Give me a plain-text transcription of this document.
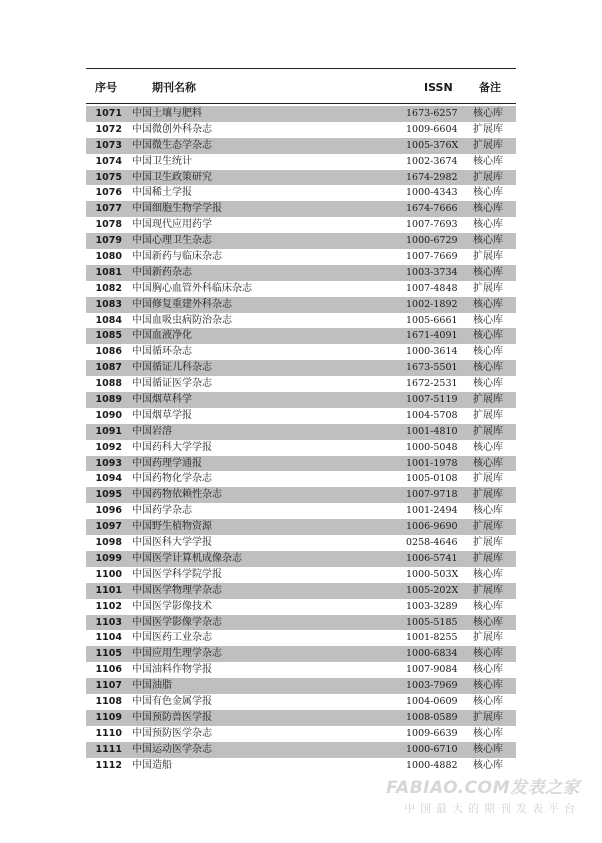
序号	期刊名称	ISSN 备注
1071 中国土壤与肥料	1673-6257 核心库
1072 中国微创外科杂志	1009-6604 扩展库
1073 中国微生态学杂志	1005-376X 扩展库
1074 中国卫生统计	1002-3674 核心库
1075 中国卫生政策研究	1674-2982 扩展库
1076 中国稀土学报	1000-4343 核心库
1077 中国细胞生物学学报	1674-7666 核心库
1078 中国现代应用药学	1007-7693 核心库
1079 中国心理卫生杂志	1000-6729 核心库
1080 中国新药与临床杂志	1007-7669 扩展库
1081 中国新药杂志	1003-3734 核心库
1082 中国胸心血管外科临床杂志	1007-4848 扩展库
1083 中国修复重建外科杂志	1002-1892 核心库
1084 中国血吸虫病防治杂志	1005-6661 核心库
1085 中国血液净化	1671-4091 核心库
1086 中国循环杂志	1000-3614 核心库
1087 中国循证儿科杂志	1673-5501 核心库
1088 中国循证医学杂志	1672-2531 核心库
1089 中国烟草科学	1007-5119 扩展库
1090 中国烟草学报	1004-5708 扩展库
1091 中国岩溶	1001-4810 扩展库
1092 中国药科大学学报	1000-5048 核心库
1093 中国药理学通报	1001-1978 核心库
1094 中国药物化学杂志	1005-0108 扩展库
1095 中国药物依赖性杂志	1007-9718 扩展库
1096 中国药学杂志	1001-2494 核心库
1097 中国野生植物资源	1006-9690 扩展库
1098 中国医科大学学报	0258-4646 扩展库
1099 中国医学计算机成像杂志	1006-5741 扩展库
1100 中国医学科学院学报	1000-503X 核心库
1101 中国医学物理学杂志	1005-202X 扩展库
1102 中国医学影像技术	1003-3289 核心库
1103 中国医学影像学杂志	1005-5185 核心库
1104 中国医药工业杂志	1001-8255 扩展库
1105 中国应用生理学杂志	1000-6834 核心库
1106 中国油料作物学报	1007-9084 核心库
1107 中国油脂	1003-7969 核心库
1108 中国有色金属学报	1004-0609 核心库
1109 中国预防兽医学报	1008-0589 扩展库
1110 中国预防医学杂志	1009-6639 核心库
1111 中国运动医学杂志	1000-6710 核心库
1112 中国造船	1000-4882 核心库
FABIAO.COM发表之家
中国最大的期刊发表平台
